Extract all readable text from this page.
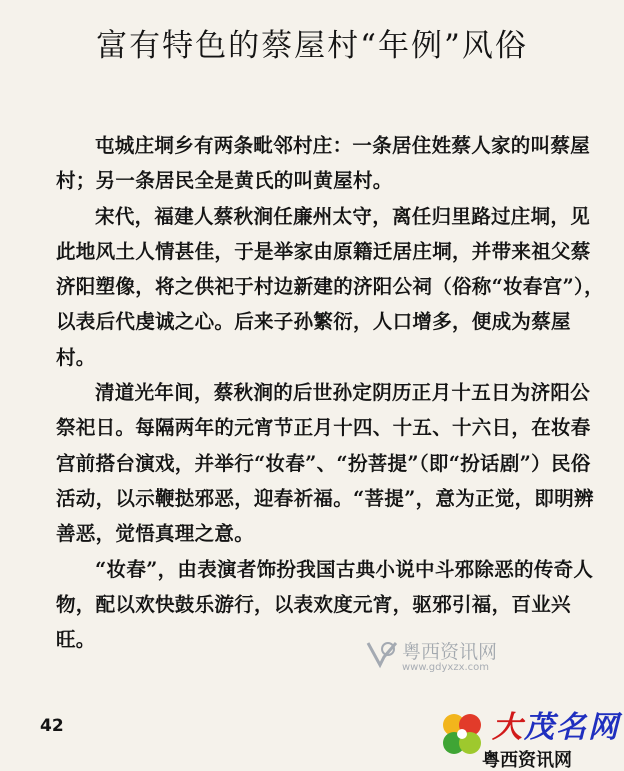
富有特色的蔡屋村“年例”风俗

屯城庄垌乡有两条毗邻村庄：一条居住姓蔡人家的叫蔡屋村；另一条居民全是黄氏的叫黄屋村。

宋代，福建人蔡秋涧任廉州太守，离任归里路过庄垌，见此地风土人情甚佳，于是举家由原籍迁居庄垌，并带来祖父蔡济阳塑像，将之供祀于村边新建的济阳公祠（俗称“妆春宫”），以表后代虔诚之心。后来子孙繁衍，人口增多，便成为蔡屋村。

清道光年间，蔡秋涧的后世孙定阴历正月十五日为济阳公祭祀日。每隔两年的元宵节正月十四、十五、十六日，在妆春宫前搭台演戏，并举行“妆春”、“扮菩提”（即“扮话剧”）民俗活动，以示鞭挞邪恶，迎春祈福。“菩提”，意为正觉，即明辨善恶，觉悟真理之意。

“妆春”，由表演者饰扮我国古典小说中斗邪除恶的传奇人物，配以欢快鼓乐游行，以表欢度元宵，驱邪引福，百业兴旺。

42
粤西资讯网
www.gdyxzx.com
大茂名网
粤西资讯网
